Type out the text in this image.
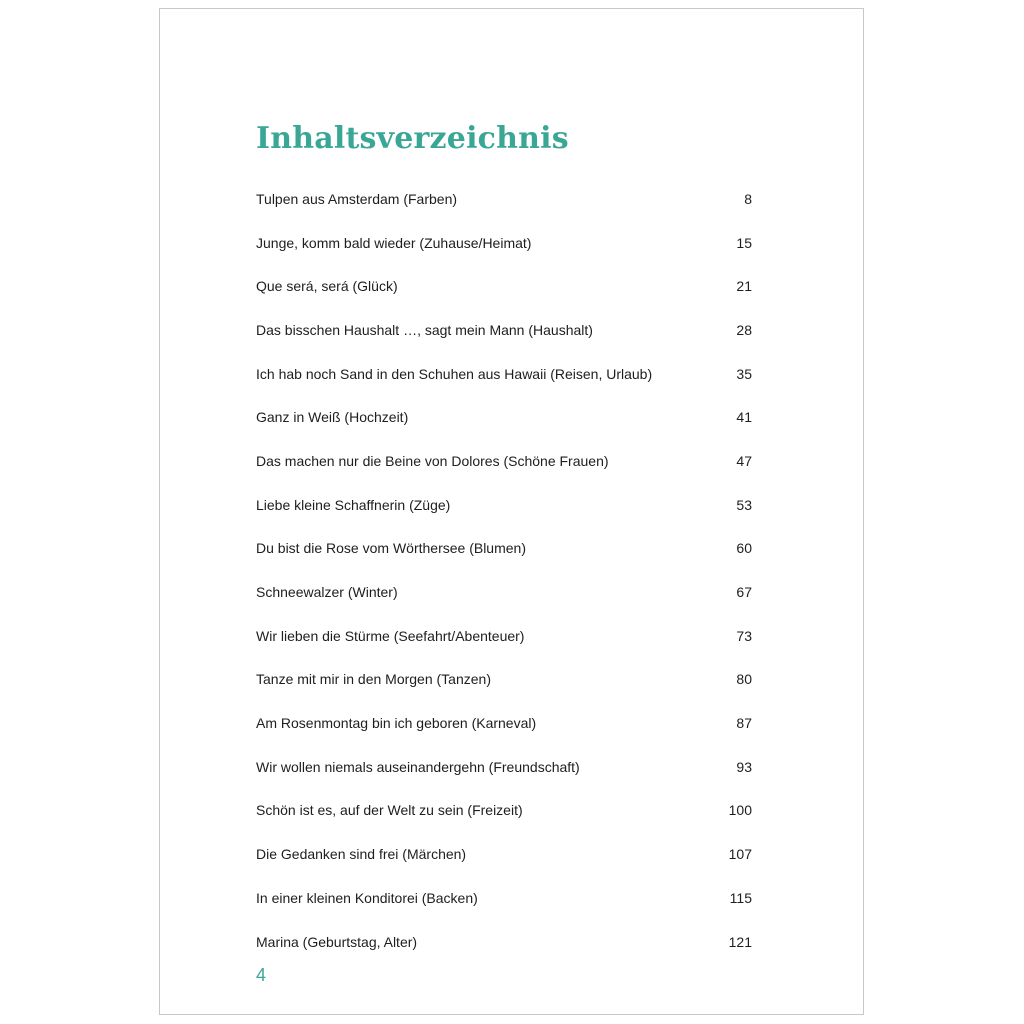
Inhaltsverzeichnis
Tulpen aus Amsterdam (Farben)	8
Junge, komm bald wieder (Zuhause/Heimat)	15
Que será, será (Glück)	21
Das bisschen Haushalt …, sagt mein Mann (Haushalt)	28
Ich hab noch Sand in den Schuhen aus Hawaii (Reisen, Urlaub)	35
Ganz in Weiß (Hochzeit)	41
Das machen nur die Beine von Dolores (Schöne Frauen)	47
Liebe kleine Schaffnerin (Züge)	53
Du bist die Rose vom Wörthersee (Blumen)	60
Schneewalzer (Winter)	67
Wir lieben die Stürme (Seefahrt/Abenteuer)	73
Tanze mit mir in den Morgen (Tanzen)	80
Am Rosenmontag bin ich geboren (Karneval)	87
Wir wollen niemals auseinandergehn (Freundschaft)	93
Schön ist es, auf der Welt zu sein (Freizeit)	100
Die Gedanken sind frei (Märchen)	107
In einer kleinen Konditorei (Backen)	115
Marina (Geburtstag, Alter)	121
4
